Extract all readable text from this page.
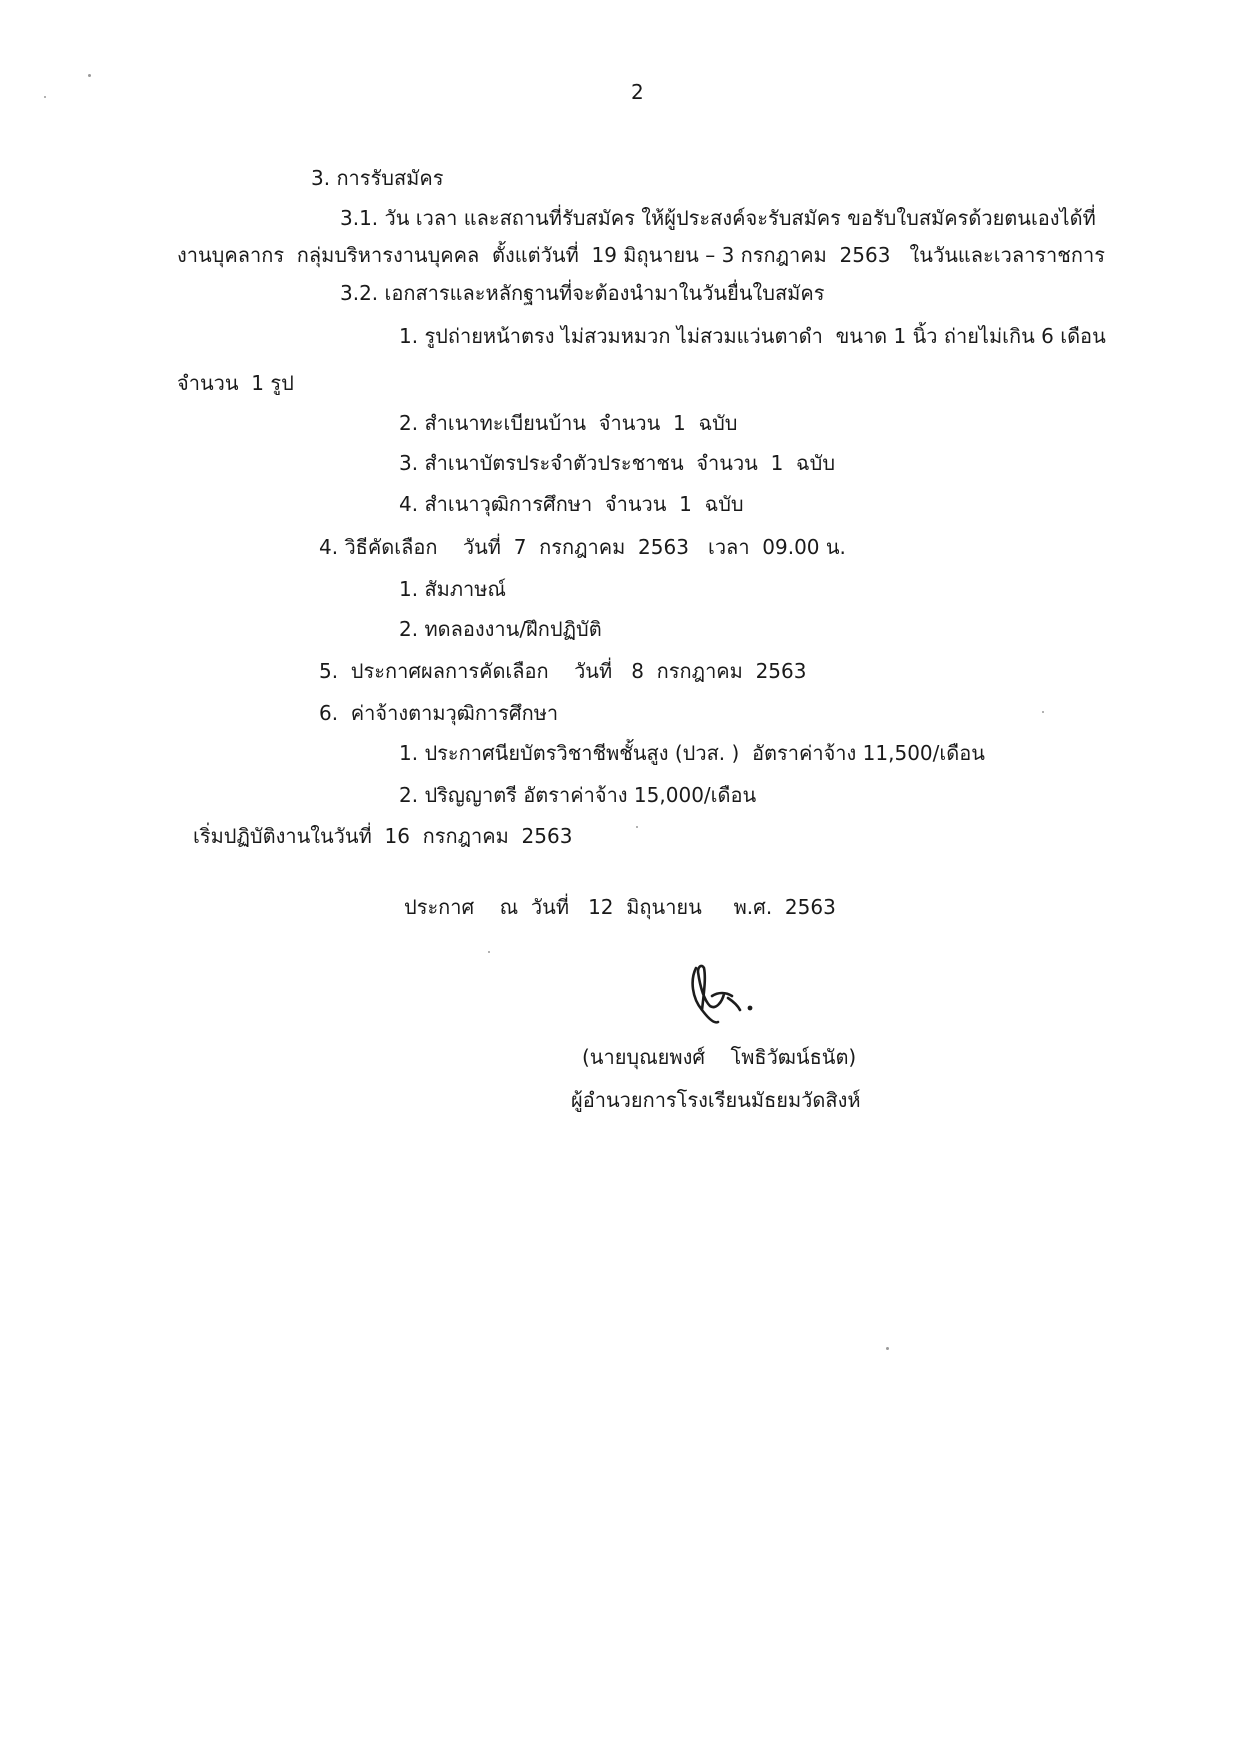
2
3. การรับสมัคร
3.1. วัน เวลา และสถานที่รับสมัคร ให้ผู้ประสงค์จะรับสมัคร ขอรับใบสมัครด้วยตนเองได้ที่
งานบุคลากร  กลุ่มบริหารงานบุคคล  ตั้งแต่วันที่  19 มิถุนายน – 3 กรกฎาคม  2563   ในวันและเวลาราชการ
3.2. เอกสารและหลักฐานที่จะต้องนำมาในวันยื่นใบสมัคร
1. รูปถ่ายหน้าตรง ไม่สวมหมวก ไม่สวมแว่นตาดำ  ขนาด 1 นิ้ว ถ่ายไม่เกิน 6 เดือน
จำนวน  1 รูป
2. สำเนาทะเบียนบ้าน  จำนวน  1  ฉบับ
3. สำเนาบัตรประจำตัวประชาชน  จำนวน  1  ฉบับ
4. สำเนาวุฒิการศึกษา  จำนวน  1  ฉบับ
4. วิธีคัดเลือก    วันที่  7  กรกฎาคม  2563   เวลา  09.00 น.
1. สัมภาษณ์
2. ทดลองงาน/ฝึกปฏิบัติ
5.  ประกาศผลการคัดเลือก    วันที่   8  กรกฎาคม  2563
6.  ค่าจ้างตามวุฒิการศึกษา
1. ประกาศนียบัตรวิชาชีพชั้นสูง (ปวส. )  อัตราค่าจ้าง 11,500/เดือน
2. ปริญญาตรี อัตราค่าจ้าง 15,000/เดือน
เริ่มปฏิบัติงานในวันที่  16  กรกฎาคม  2563
ประกาศ    ณ  วันที่   12  มิถุนายน     พ.ศ.  2563
(นายบุณยพงศ์    โพธิวัฒน์ธนัต)
ผู้อำนวยการโรงเรียนมัธยมวัดสิงห์
